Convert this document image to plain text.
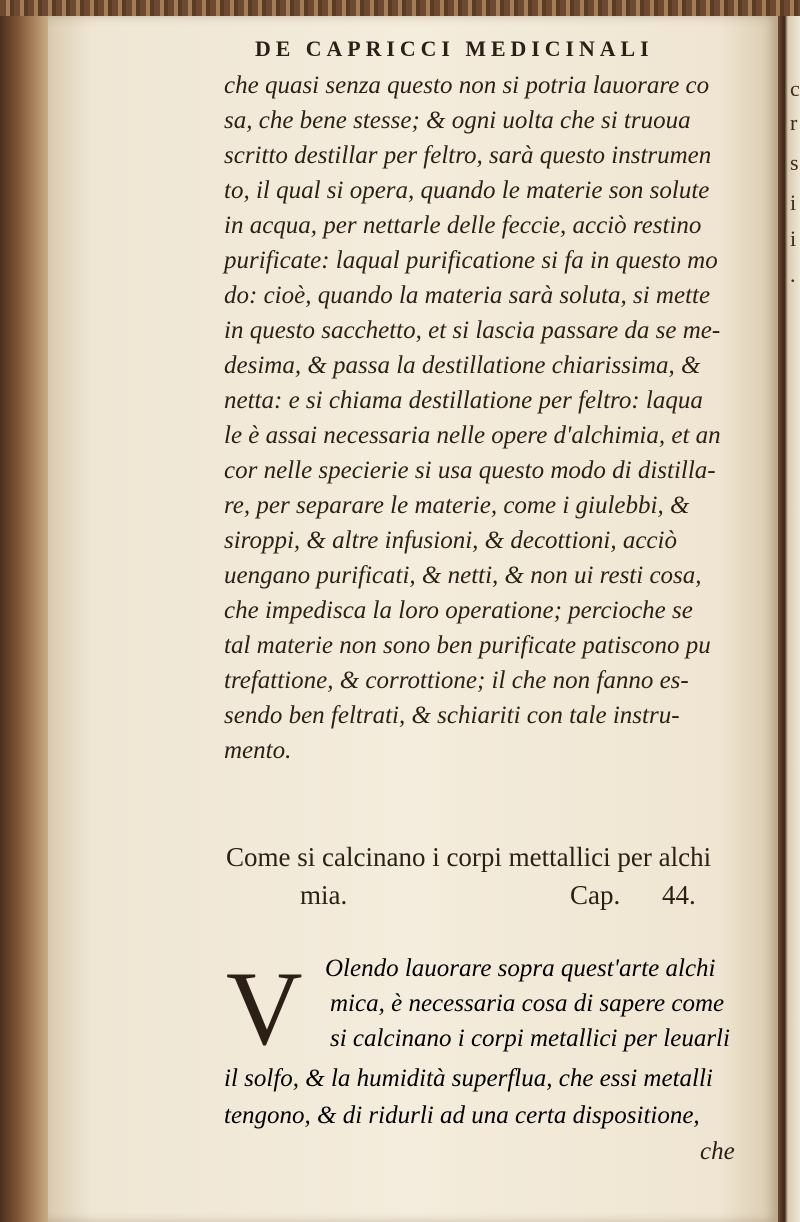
c
r
s
i
i
.
DE CAPRICCI MEDICINALI
che quasi senza questo non si potria lauorare co
sa, che bene stesse; & ogni uolta che si truoua
scritto destillar per feltro, sarà questo instrumen
to, il qual si opera, quando le materie son solute
in acqua, per nettarle delle feccie, acciò restino
purificate: laqual purificatione si fa in questo mo
do: cioè, quando la materia sarà soluta, si mette
in questo sacchetto, et si lascia passare da se me-
desima, & passa la destillatione chiarissima, &
netta: e si chiama destillatione per feltro: laqua
le è assai necessaria nelle opere d'alchimia, et an
cor nelle specierie si usa questo modo di distilla-
re, per separare le materie, come i giulebbi, &
siroppi, & altre infusioni, & decottioni, acciò
uengano purificati, & netti, & non ui resti cosa,
che impedisca la loro operatione; percioche se
tal materie non sono ben purificate patiscono pu
trefattione, & corrottione; il che non fanno es-
sendo ben feltrati, & schiariti con tale instru-
mento.
Come si calcinano i corpi mettallici per alchi
mia.	Cap. 44.
V Olendo lauorare sopra quest'arte alchi
mica, è necessaria cosa di sapere come
si calcinano i corpi metallici per leuarli
il solfo, & la humidità superflua, che essi metalli
tengono, & di ridurli ad una certa dispositione,
che
